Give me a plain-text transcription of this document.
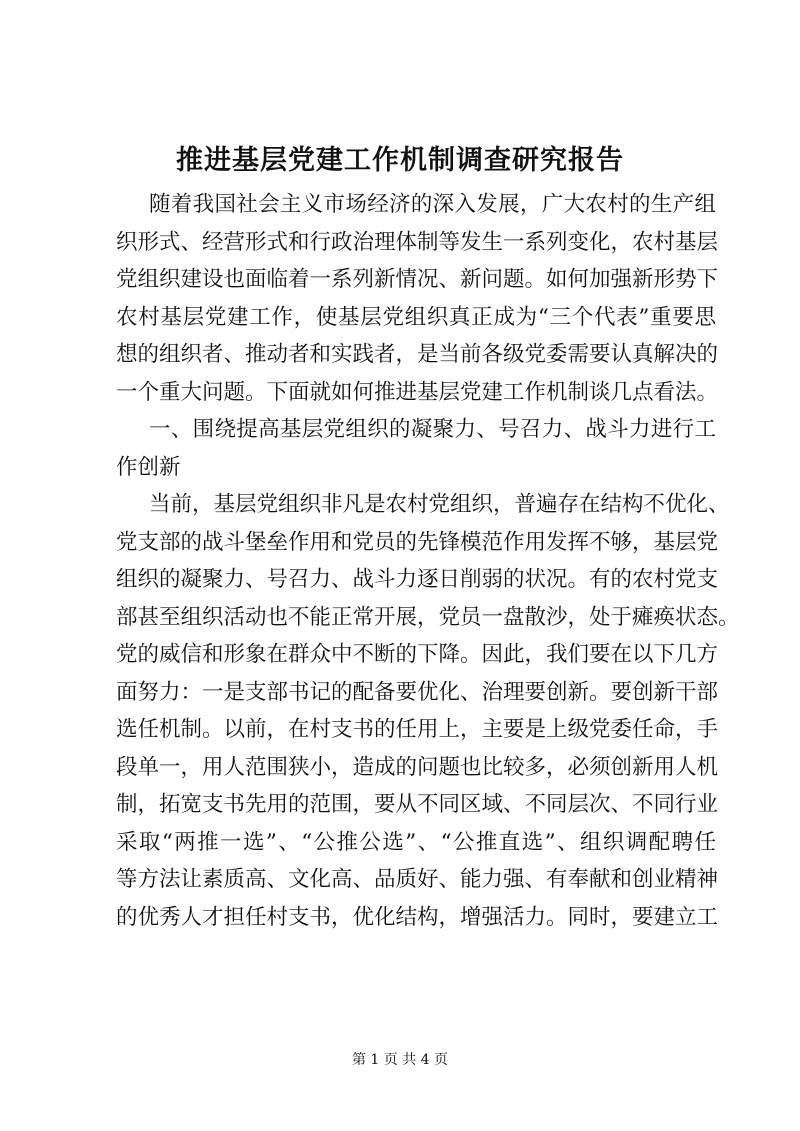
推进基层党建工作机制调查研究报告
随着我国社会主义市场经济的深入发展，广大农村的生产组
织形式、经营形式和行政治理体制等发生一系列变化，农村基层
党组织建设也面临着一系列新情况、新问题。如何加强新形势下
农村基层党建工作，使基层党组织真正成为“三个代表”重要思
想的组织者、推动者和实践者，是当前各级党委需要认真解决的
一个重大问题。下面就如何推进基层党建工作机制谈几点看法。
一、围绕提高基层党组织的凝聚力、号召力、战斗力进行工
作创新
当前，基层党组织非凡是农村党组织，普遍存在结构不优化、
党支部的战斗堡垒作用和党员的先锋模范作用发挥不够，基层党
组织的凝聚力、号召力、战斗力逐日削弱的状况。有的农村党支
部甚至组织活动也不能正常开展，党员一盘散沙，处于瘫痪状态。
党的威信和形象在群众中不断的下降。因此，我们要在以下几方
面努力：一是支部书记的配备要优化、治理要创新。要创新干部
选任机制。以前，在村支书的任用上，主要是上级党委任命，手
段单一，用人范围狭小，造成的问题也比较多，必须创新用人机
制，拓宽支书先用的范围，要从不同区域、不同层次、不同行业
采取“两推一选”、“公推公选”、“公推直选”、组织调配聘任
等方法让素质高、文化高、品质好、能力强、有奉献和创业精神
的优秀人才担任村支书，优化结构，增强活力。同时，要建立工
第 1 页 共 4 页
